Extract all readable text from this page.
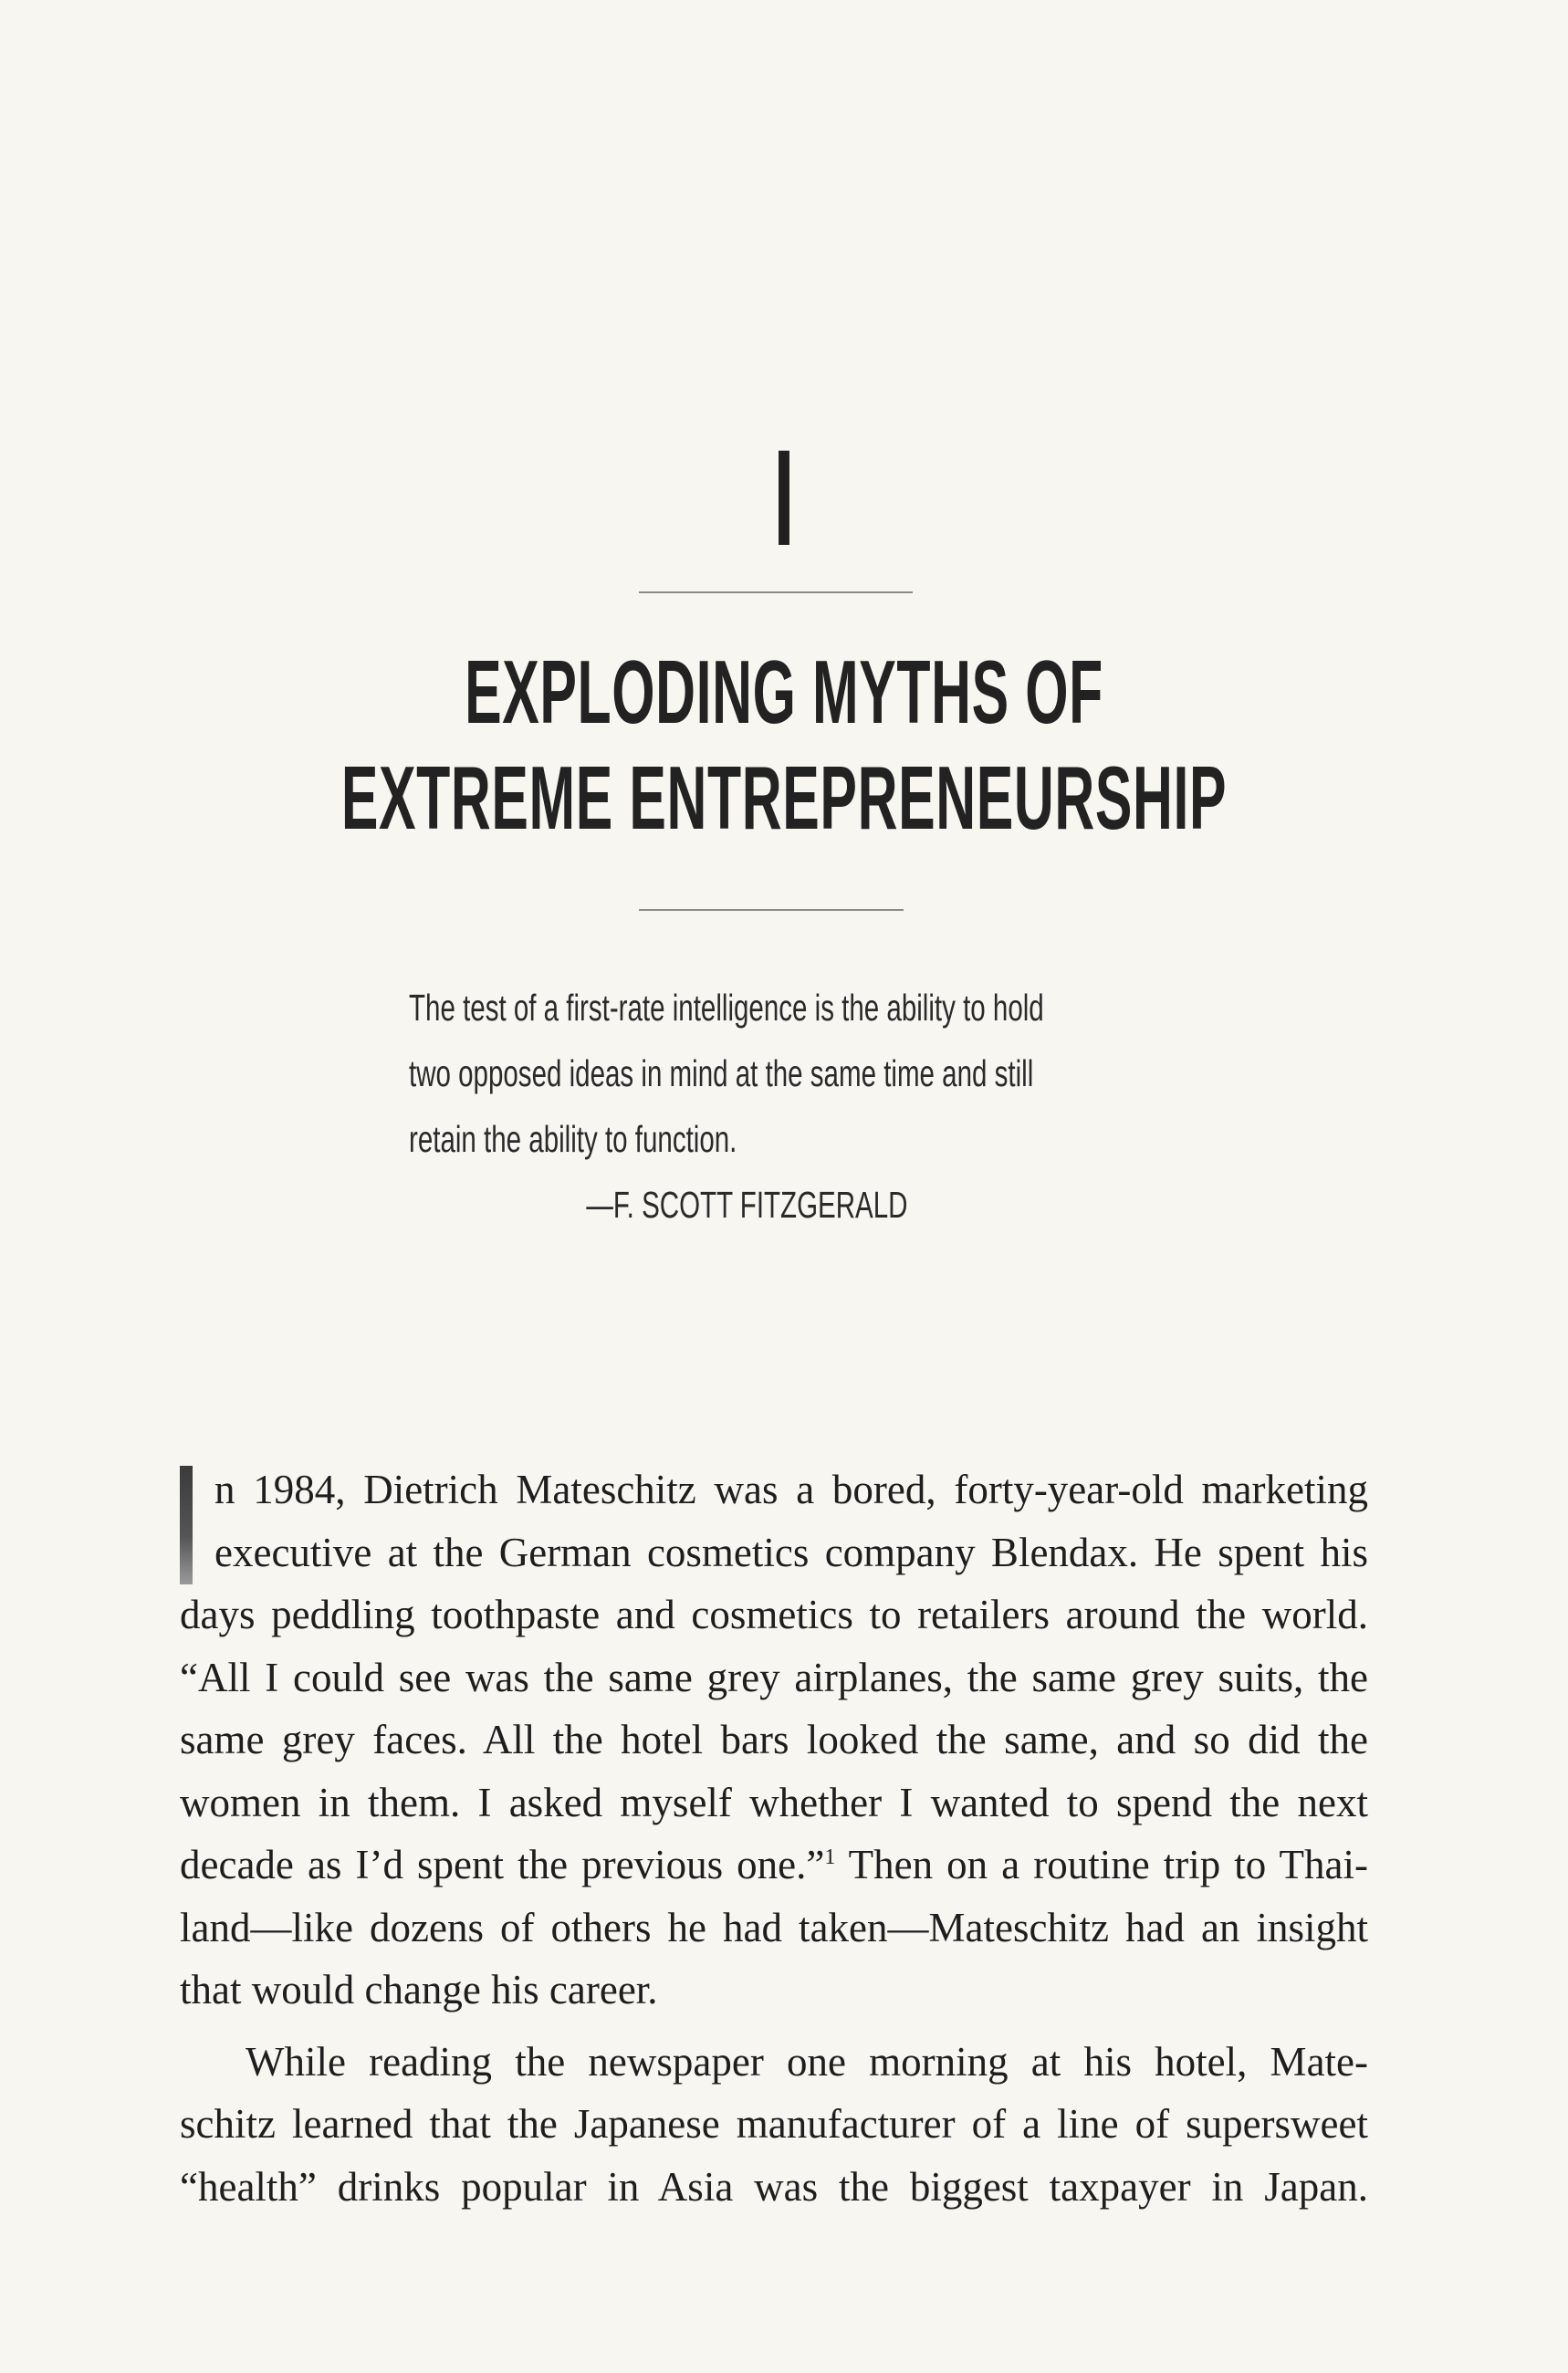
I
EXPLODING MYTHS OF
EXTREME ENTREPRENEURSHIP
The test of a first-rate intelligence is the ability to hold
two opposed ideas in mind at the same time and still
retain the ability to function.
—F. SCOTT FITZGERALD

n 1984, Dietrich Mateschitz was a bored, forty-year-old marketing
executive at the German cosmetics company Blendax. He spent his
days peddling toothpaste and cosmetics to retailers around the world.
“All I could see was the same grey airplanes, the same grey suits, the
same grey faces. All the hotel bars looked the same, and so did the
women in them. I asked myself whether I wanted to spend the next
decade as I’d spent the previous one.”$^1$ Then on a routine trip to Thai-
land—like dozens of others he had taken—Mateschitz had an insight
that would change his career.

While reading the newspaper one morning at his hotel, Mate-
schitz learned that the Japanese manufacturer of a line of supersweet
“health” drinks popular in Asia was the biggest taxpayer in Japan.
